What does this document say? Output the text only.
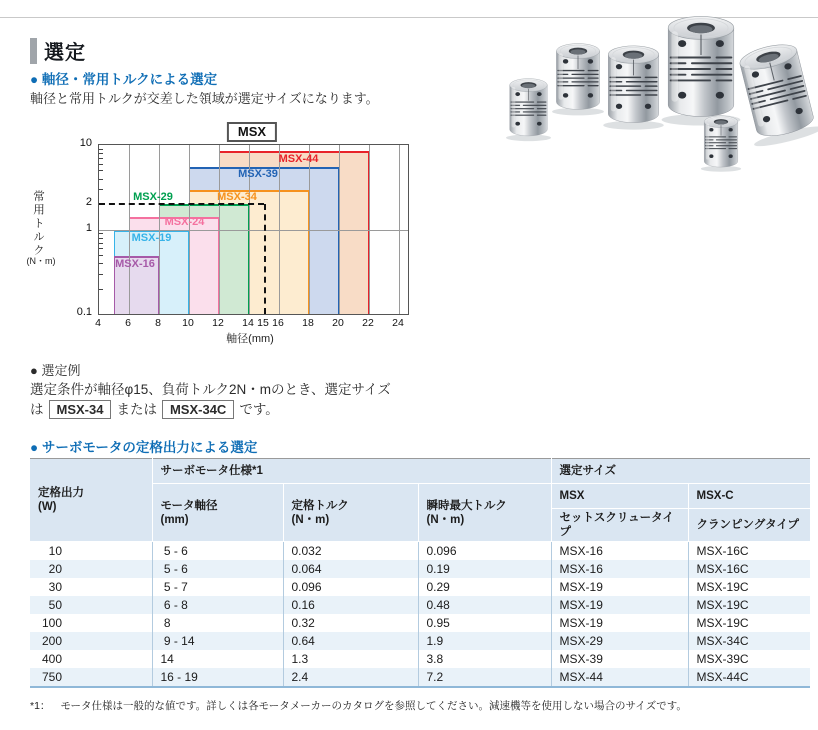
選定
● 軸径・常用トルクによる選定
軸径と常用トルクが交差した領域が選定サイズになります。
MSX
常用トルク
(N・m)
MSX-44
MSX-39
MSX-34
MSX-29
MSX-24
MSX-19
MSX-16
軸径(mm)
10
2
1
0.1
4 6 8 10 12 14 15 16 18 20 22 24
● 選定例
選定条件が軸径φ15、負荷トルク2N・mのとき、選定サイズ
は MSX-34 または MSX-34C です。
● サーボモータの定格出力による選定
定格出力
(W)	サーボモータ仕様*1			選定サイズ	
	モータ軸径
(mm)	定格トルク
(N・m)	瞬時最大トルク
(N・m)	MSX	MSX-C
				セットスクリュータイプ	クランピングタイプ
10	5 - 6	0.032	0.096	MSX-16	MSX-16C
20	5 - 6	0.064	0.19	MSX-16	MSX-16C
30	5 - 7	0.096	0.29	MSX-19	MSX-19C
50	6 - 8	0.16	0.48	MSX-19	MSX-19C
100	8	0.32	0.95	MSX-19	MSX-19C
200	9 - 14	0.64	1.9	MSX-29	MSX-34C
400	14	1.3	3.8	MSX-39	MSX-39C
750	16 - 19	2.4	7.2	MSX-44	MSX-44C
*1： モータ仕様は一般的な値です。詳しくは各モータメーカーのカタログを参照してください。減速機等を使用しない場合のサイズです。
